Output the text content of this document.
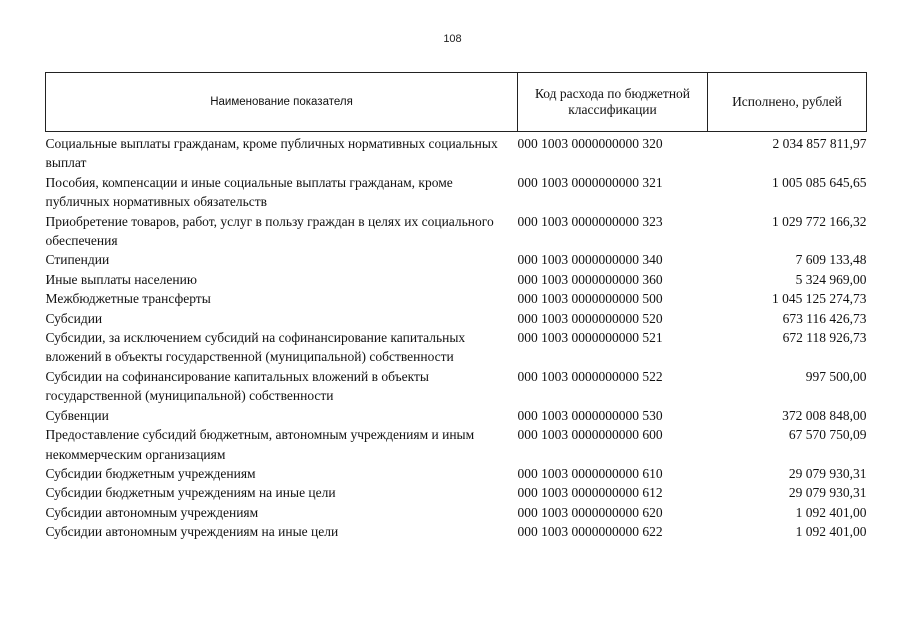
108
Наименование показателя	Код расхода по бюджетной классификации	Исполнено, рублей
Социальные выплаты гражданам, кроме публичных нормативных социальных выплат	000 1003 0000000000 320	2 034 857 811,97
Пособия, компенсации и иные социальные выплаты гражданам, кроме публичных нормативных обязательств	000 1003 0000000000 321	1 005 085 645,65
Приобретение товаров, работ, услуг в пользу граждан в целях их социального обеспечения	000 1003 0000000000 323	1 029 772 166,32
Стипендии	000 1003 0000000000 340	7 609 133,48
Иные выплаты населению	000 1003 0000000000 360	5 324 969,00
Межбюджетные трансферты	000 1003 0000000000 500	1 045 125 274,73
Субсидии	000 1003 0000000000 520	673 116 426,73
Субсидии, за исключением субсидий на софинансирование капитальных вложений в объекты государственной (муниципальной) собственности	000 1003 0000000000 521	672 118 926,73
Субсидии на софинансирование капитальных вложений в объекты государственной (муниципальной) собственности	000 1003 0000000000 522	997 500,00
Субвенции	000 1003 0000000000 530	372 008 848,00
Предоставление субсидий бюджетным, автономным учреждениям и иным некоммерческим организациям	000 1003 0000000000 600	67 570 750,09
Субсидии бюджетным учреждениям	000 1003 0000000000 610	29 079 930,31
Субсидии бюджетным учреждениям на иные цели	000 1003 0000000000 612	29 079 930,31
Субсидии автономным учреждениям	000 1003 0000000000 620	1 092 401,00
Субсидии автономным учреждениям на иные цели	000 1003 0000000000 622	1 092 401,00
